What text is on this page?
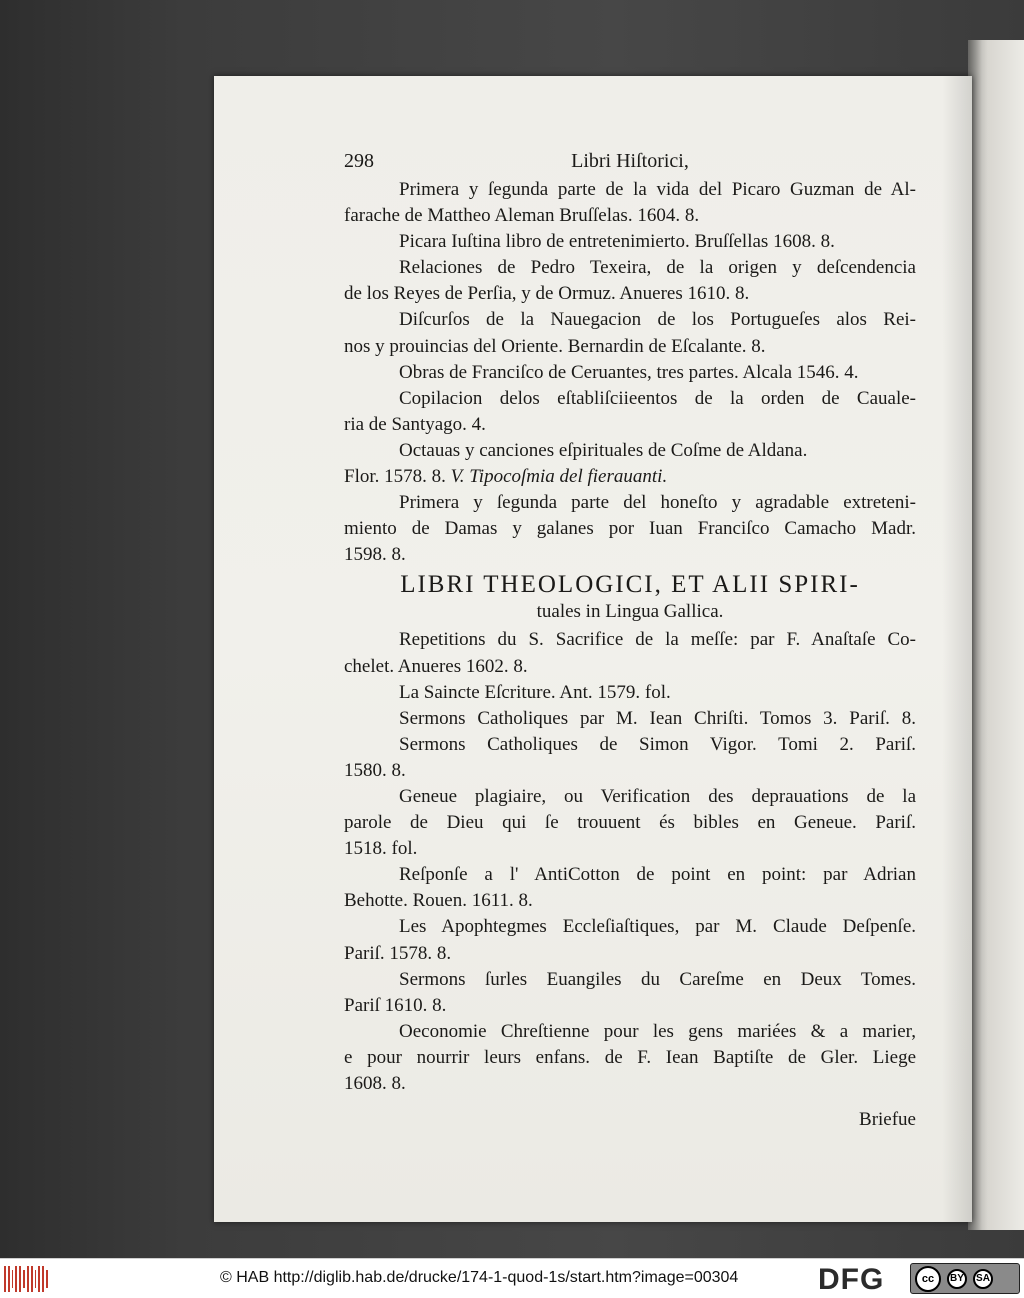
298	Libri Hiſtorici,
Primera y ſegunda parte de la vida del Picaro Guzman de Al-
farache de Mattheo Aleman Bruſſelas. 1604. 8.
Picara Iuſtina libro de entretenimierto. Bruſſellas 1608. 8.
Relaciones de Pedro Texeira, de la origen y deſcendencia
de los Reyes de Perſia, y de Ormuz. Anueres 1610. 8.
Diſcurſos de la Nauegacion de los Portugueſes alos Rei-
nos y prouincias del Oriente. Bernardin de Eſcalante. 8.
Obras de Franciſco de Ceruantes, tres partes. Alcala 1546. 4.
Copilacion delos eſtabliſciieentos de la orden de Cauale-
ria de Santyago. 4.
Octauas y canciones eſpirituales de Coſme de Aldana.
Flor. 1578. 8. V. Tipocoſmia del fierauanti.
Primera y ſegunda parte del honeſto y agradable extreteni-
miento de Damas y galanes por Iuan Franciſco Camacho Madr.
1598. 8.
LIBRI THEOLOGICI, ET ALII SPIRI-
tuales in Lingua Gallica.
Repetitions du S. Sacrifice de la meſſe: par F. Anaſtaſe Co-
chelet. Anueres 1602. 8.
La Saincte Eſcriture. Ant. 1579. fol.
Sermons Catholiques par M. Iean Chriſti. Tomos 3. Pariſ. 8.
Sermons Catholiques de Simon Vigor. Tomi 2. Pariſ.
1580. 8.
Geneue plagiaire, ou Verification des deprauations de la
parole de Dieu qui ſe trouuent és bibles en Geneue. Pariſ.
1518. fol.
Reſponſe a l' AntiCotton de point en point: par Adrian
Behotte. Rouen. 1611. 8.
Les Apophtegmes Eccleſiaſtiques, par M. Claude Deſpenſe.
Pariſ. 1578. 8.
Sermons ſurles Euangiles du Careſme en Deux Tomes.
Pariſ 1610. 8.
Oeconomie Chreſtienne pour les gens mariées & a marier,
e pour nourrir leurs enfans. de F. Iean Baptiſte de Gler. Liege
1608. 8.
Briefue
© HAB http://diglib.hab.de/drucke/174-1-quod-1s/start.htm?image=00304	DFG	cc	BY	SA
